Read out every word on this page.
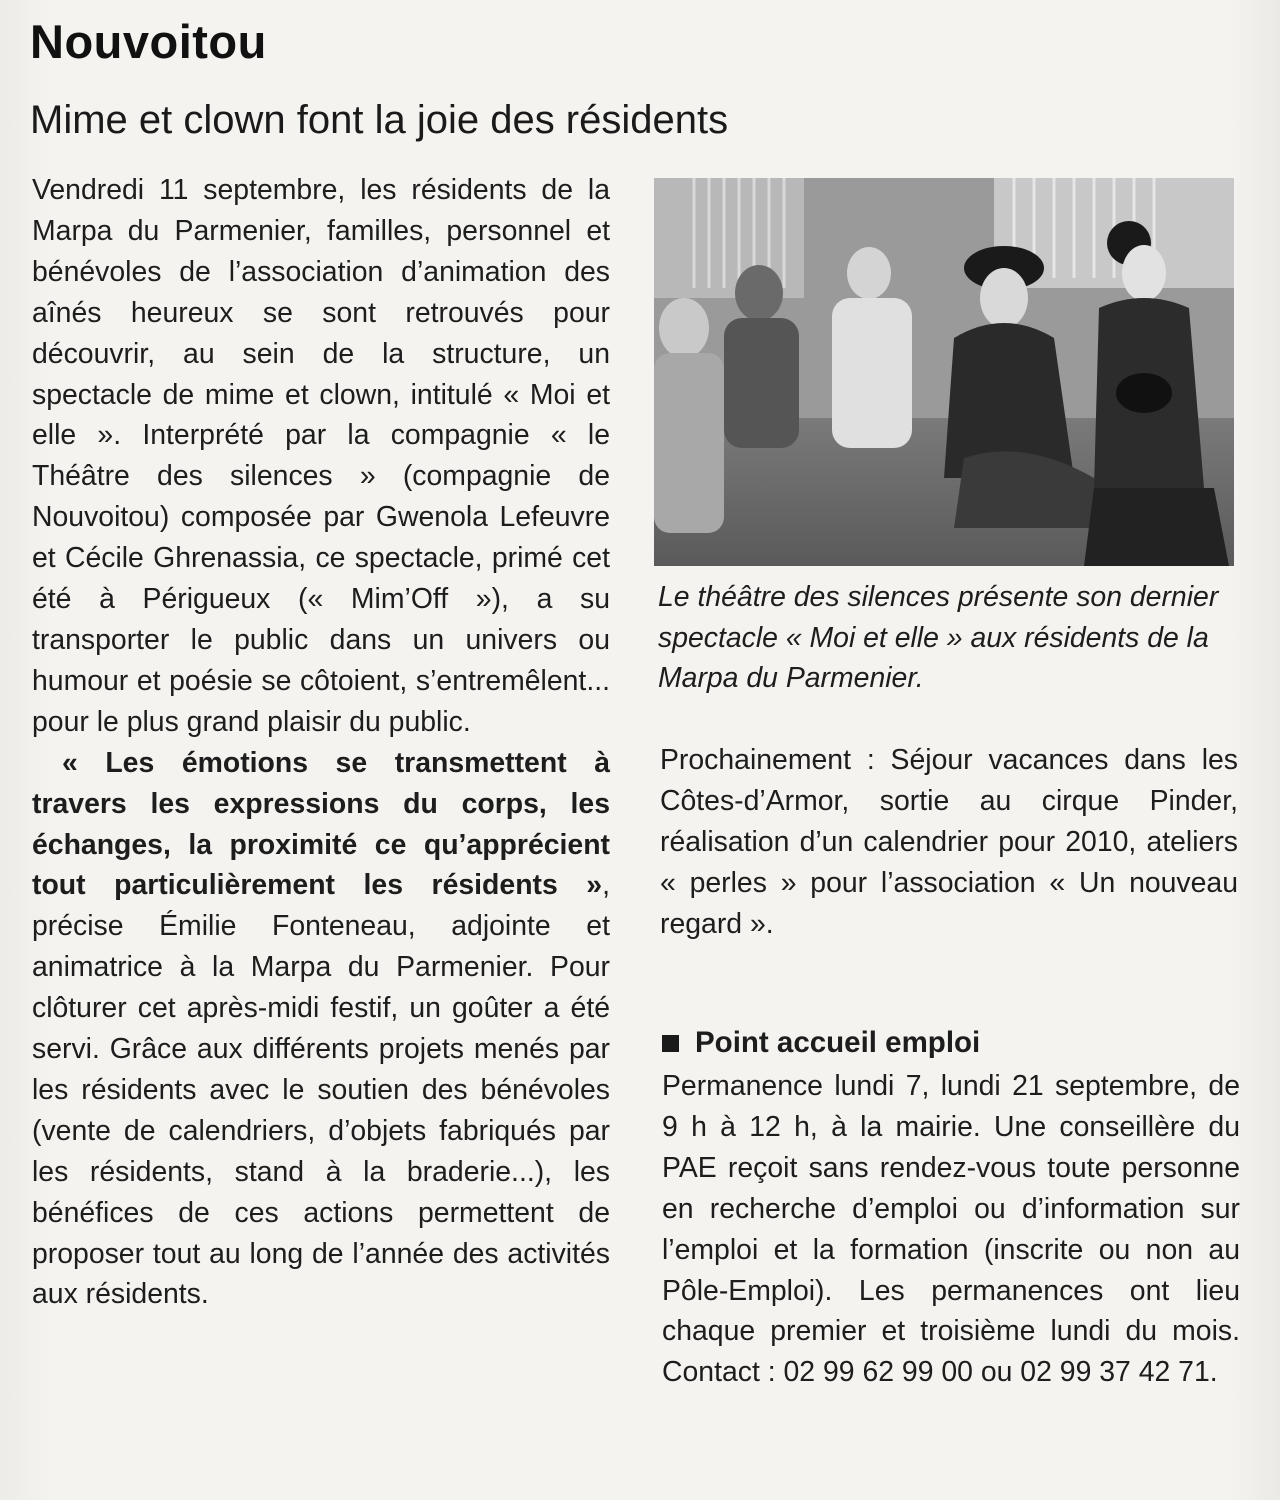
Nouvoitou
Mime et clown font la joie des résidents

Vendredi 11 septembre, les résidents de la Marpa du Parmenier, familles, personnel et bénévoles de l’association d’animation des aînés heureux se sont retrouvés pour découvrir, au sein de la structure, un spectacle de mime et clown, intitulé « Moi et elle ». Interprété par la compagnie « le Théâtre des silences » (compagnie de Nouvoitou) composée par Gwenola Lefeuvre et Cécile Ghrenassia, ce spectacle, primé cet été à Périgueux (« Mim’Off »), a su transporter le public dans un univers ou humour et poésie se côtoient, s’entremêlent... pour le plus grand plaisir du public.

« Les émotions se transmettent à travers les expressions du corps, les échanges, la proximité ce qu’apprécient tout particulièrement les résidents », précise Émilie Fonteneau, adjointe et animatrice à la Marpa du Parmenier. Pour clôturer cet après-midi festif, un goûter a été servi. Grâce aux différents projets menés par les résidents avec le soutien des bénévoles (vente de calendriers, d’objets fabriqués par les résidents, stand à la braderie...), les bénéfices de ces actions permettent de proposer tout au long de l’année des activités aux résidents.

Le théâtre des silences présente son dernier spectacle « Moi et elle » aux résidents de la Marpa du Parmenier.

Prochainement : Séjour vacances dans les Côtes-d’Armor, sortie au cirque Pinder, réalisation d’un calendrier pour 2010, ateliers « perles » pour l’association « Un nouveau regard ».

Point accueil emploi

Permanence lundi 7, lundi 21 septembre, de 9 h à 12 h, à la mairie. Une conseillère du PAE reçoit sans rendez-vous toute personne en recherche d’emploi ou d’information sur l’emploi et la formation (inscrite ou non au Pôle-Emploi). Les permanences ont lieu chaque premier et troisième lundi du mois. Contact : 02 99 62 99 00 ou 02 99 37 42 71.
